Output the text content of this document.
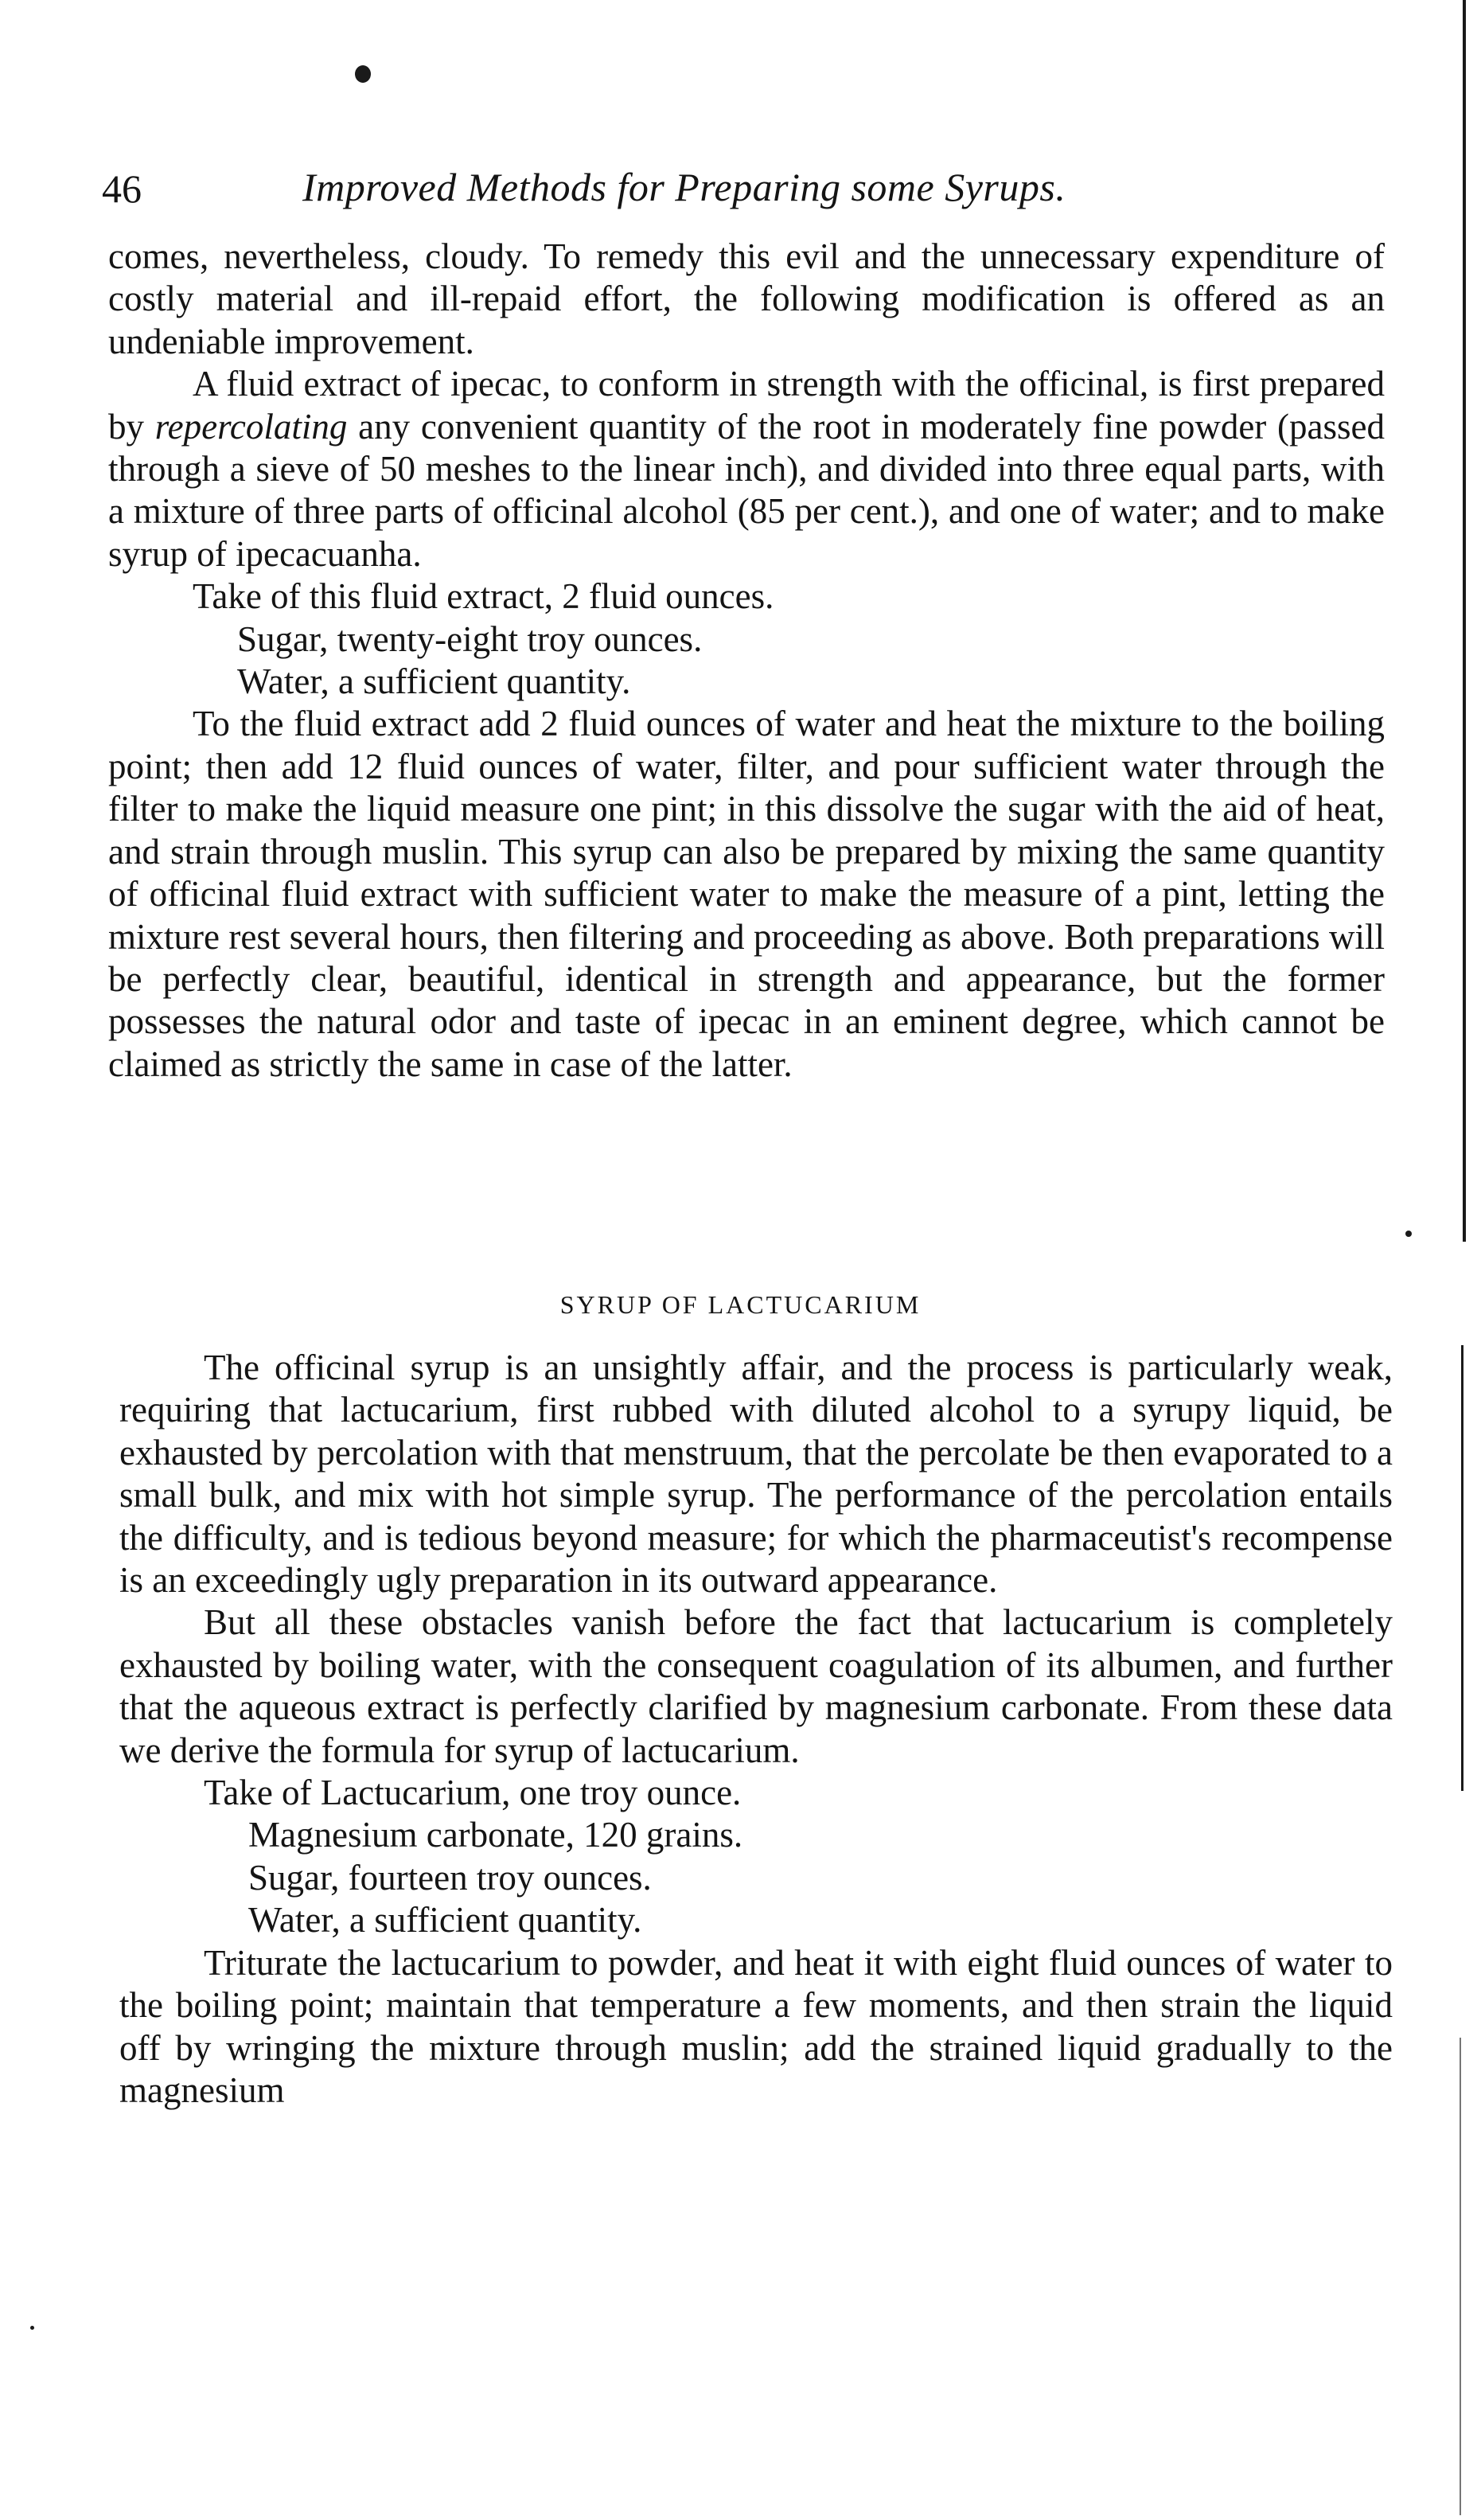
46	Improved Methods for Preparing some Syrups.

comes, nevertheless, cloudy. To remedy this evil and the unnecessary expenditure of costly material and ill-repaid effort, the following modification is offered as an undeniable improvement.

A fluid extract of ipecac, to conform in strength with the officinal, is first prepared by repercolating any convenient quantity of the root in moderately fine powder (passed through a sieve of 50 meshes to the linear inch), and divided into three equal parts, with a mixture of three parts of officinal alcohol (85 per cent.), and one of water; and to make syrup of ipecacuanha.

Take of this fluid extract, 2 fluid ounces.

Sugar, twenty-eight troy ounces.

Water, a sufficient quantity.

To the fluid extract add 2 fluid ounces of water and heat the mixture to the boiling point; then add 12 fluid ounces of water, filter, and pour sufficient water through the filter to make the liquid measure one pint; in this dissolve the sugar with the aid of heat, and strain through muslin. This syrup can also be prepared by mixing the same quantity of officinal fluid extract with sufficient water to make the measure of a pint, letting the mixture rest several hours, then filtering and proceeding as above. Both preparations will be perfectly clear, beautiful, identical in strength and appearance, but the former possesses the natural odor and taste of ipecac in an eminent degree, which cannot be claimed as strictly the same in case of the latter.

SYRUP OF LACTUCARIUM

The officinal syrup is an unsightly affair, and the process is particularly weak, requiring that lactucarium, first rubbed with diluted alcohol to a syrupy liquid, be exhausted by percolation with that menstruum, that the percolate be then evaporated to a small bulk, and mix with hot simple syrup. The performance of the percolation entails the difficulty, and is tedious beyond measure; for which the pharmaceutist's recompense is an exceedingly ugly preparation in its outward appearance.

But all these obstacles vanish before the fact that lactucarium is completely exhausted by boiling water, with the consequent coagulation of its albumen, and further that the aqueous extract is perfectly clarified by magnesium carbonate. From these data we derive the formula for syrup of lactucarium.

Take of Lactucarium, one troy ounce.

Magnesium carbonate, 120 grains.

Sugar, fourteen troy ounces.

Water, a sufficient quantity.

Triturate the lactucarium to powder, and heat it with eight fluid ounces of water to the boiling point; maintain that temperature a few moments, and then strain the liquid off by wringing the mixture through muslin; add the strained liquid gradually to the magnesium
